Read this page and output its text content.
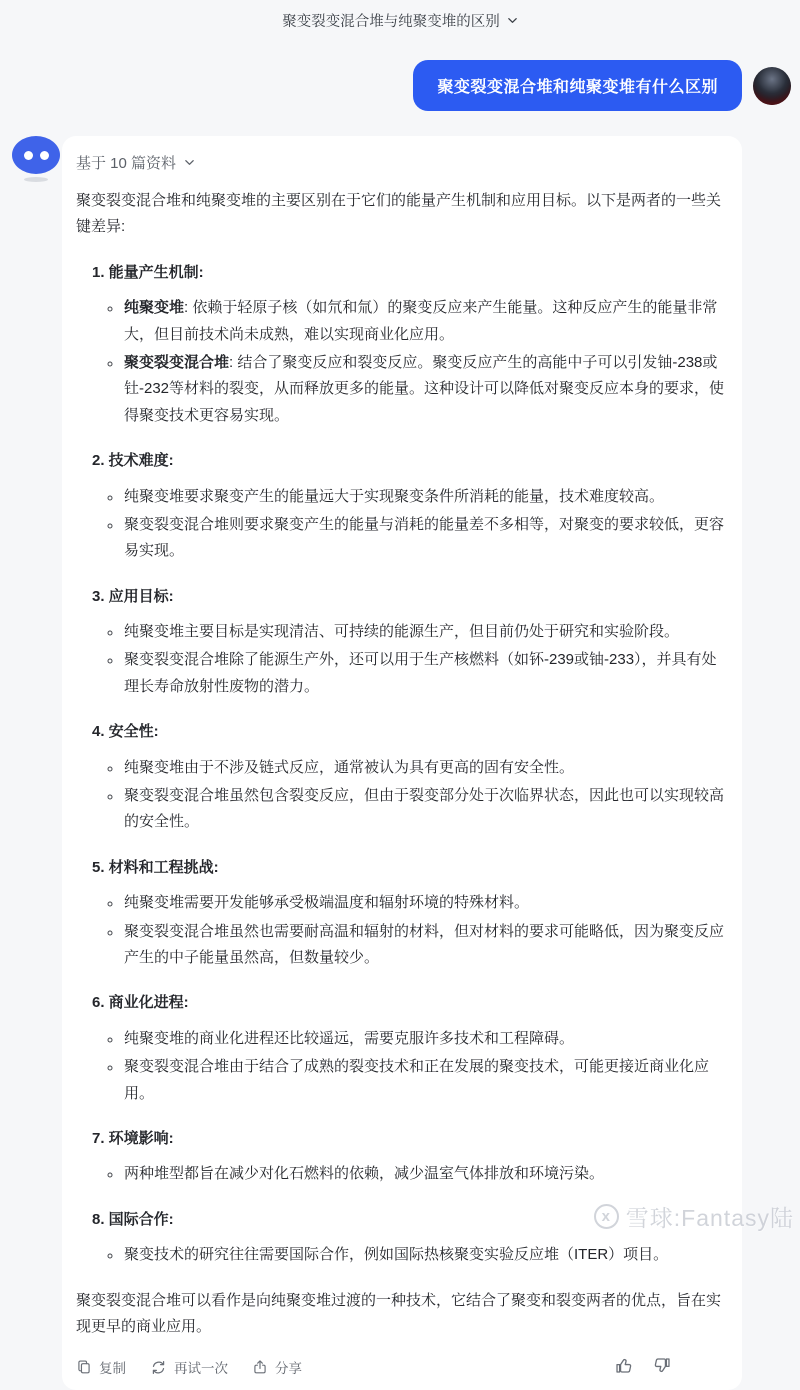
聚变裂变混合堆与纯聚变堆的区别
聚变裂变混合堆和纯聚变堆有什么区别
基于 10 篇资料

聚变裂变混合堆和纯聚变堆的主要区别在于它们的能量产生机制和应用目标。以下是两者的一些关键差异:

1. 能量产生机制:
◦ 纯聚变堆: 依赖于轻原子核（如氘和氚）的聚变反应来产生能量。这种反应产生的能量非常大，但目前技术尚未成熟，难以实现商业化应用。
◦ 聚变裂变混合堆: 结合了聚变反应和裂变反应。聚变反应产生的高能中子可以引发铀-238或钍-232等材料的裂变，从而释放更多的能量。这种设计可以降低对聚变反应本身的要求，使得聚变技术更容易实现。
2. 技术难度:
◦ 纯聚变堆要求聚变产生的能量远大于实现聚变条件所消耗的能量，技术难度较高。
◦ 聚变裂变混合堆则要求聚变产生的能量与消耗的能量差不多相等，对聚变的要求较低，更容易实现。
3. 应用目标:
◦ 纯聚变堆主要目标是实现清洁、可持续的能源生产，但目前仍处于研究和实验阶段。
◦ 聚变裂变混合堆除了能源生产外，还可以用于生产核燃料（如钚-239或铀-233），并具有处理长寿命放射性废物的潜力。
4. 安全性:
◦ 纯聚变堆由于不涉及链式反应，通常被认为具有更高的固有安全性。
◦ 聚变裂变混合堆虽然包含裂变反应，但由于裂变部分处于次临界状态，因此也可以实现较高的安全性。
5. 材料和工程挑战:
◦ 纯聚变堆需要开发能够承受极端温度和辐射环境的特殊材料。
◦ 聚变裂变混合堆虽然也需要耐高温和辐射的材料，但对材料的要求可能略低，因为聚变反应产生的中子能量虽然高，但数量较少。
6. 商业化进程:
◦ 纯聚变堆的商业化进程还比较遥远，需要克服许多技术和工程障碍。
◦ 聚变裂变混合堆由于结合了成熟的裂变技术和正在发展的聚变技术，可能更接近商业化应用。
7. 环境影响:
◦ 两种堆型都旨在减少对化石燃料的依赖，减少温室气体排放和环境污染。
8. 国际合作:
◦ 聚变技术的研究往往需要国际合作，例如国际热核聚变实验反应堆（ITER）项目。

聚变裂变混合堆可以看作是向纯聚变堆过渡的一种技术，它结合了聚变和裂变两者的优点，旨在实现更早的商业应用。

复制	再试一次	分享
x 雪球:Fantasy陆
